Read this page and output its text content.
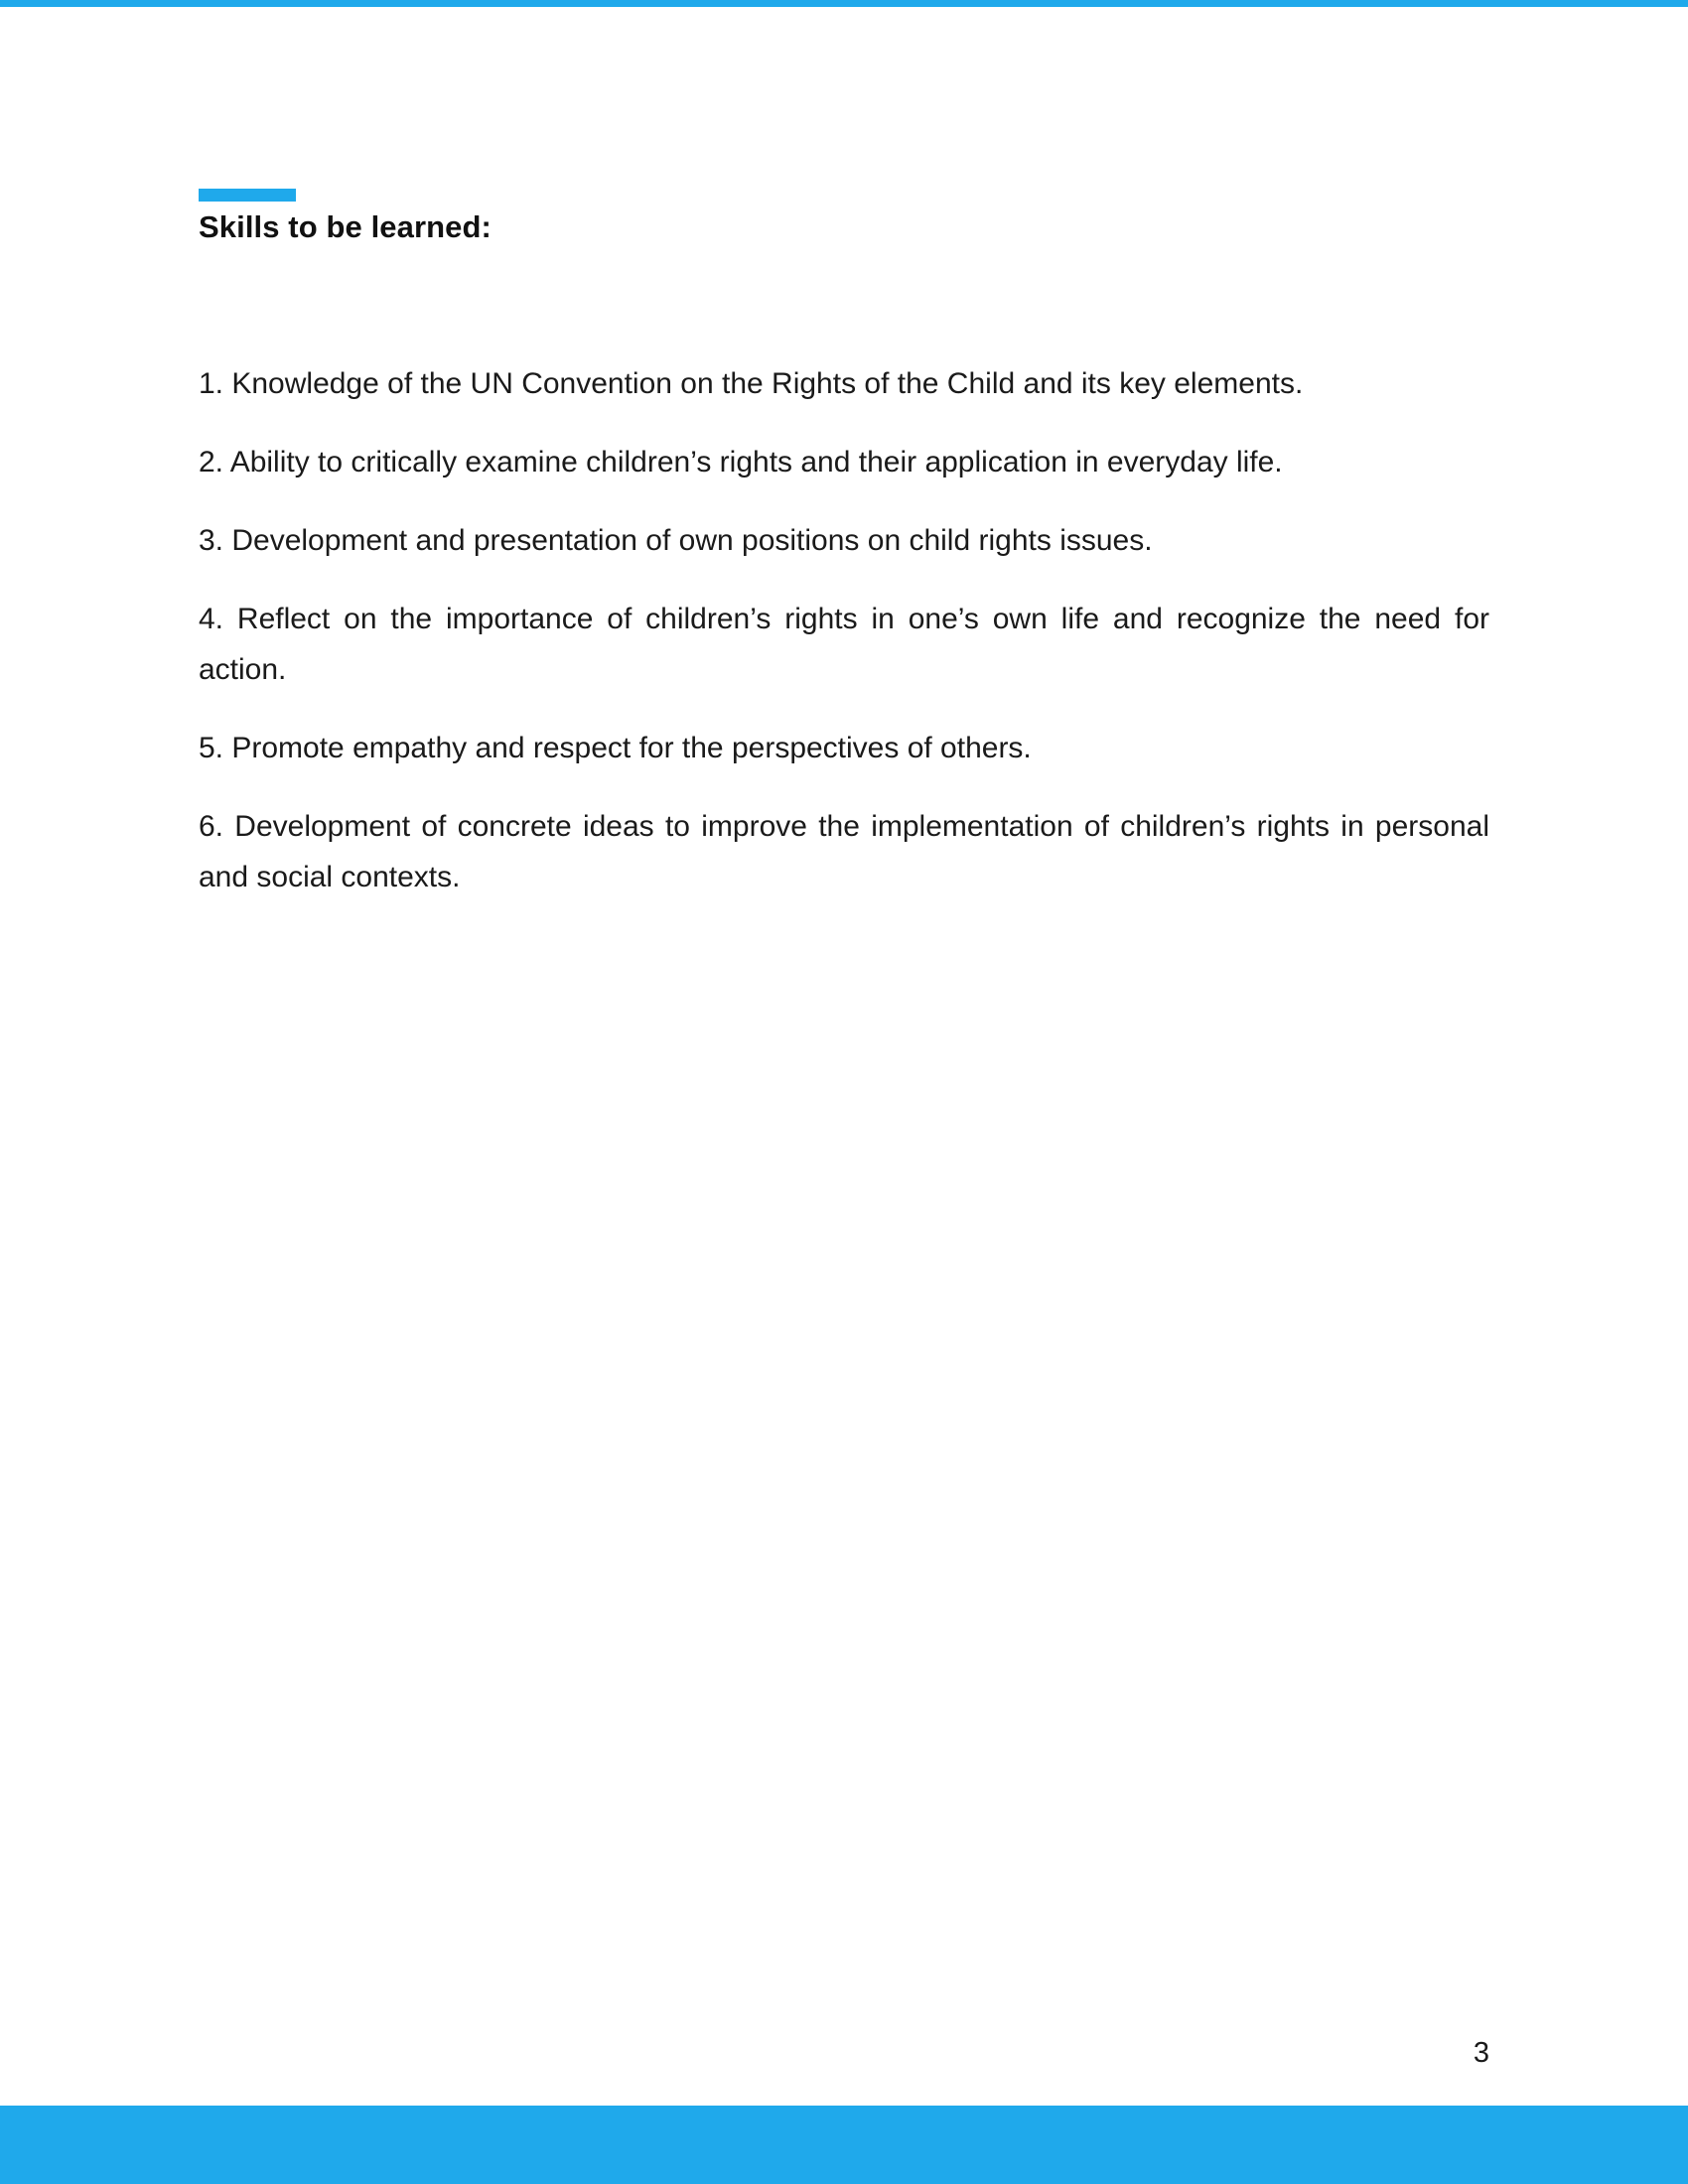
Skills to be learned:
1. Knowledge of the UN Convention on the Rights of the Child and its key elements.
2. Ability to critically examine children’s rights and their application in everyday life.
3. Development and presentation of own positions on child rights issues.
4. Reflect on the importance of children’s rights in one’s own life and recognize the need for action.
5. Promote empathy and respect for the perspectives of others.
6. Development of concrete ideas to improve the implementation of children’s rights in personal and social contexts.
3
